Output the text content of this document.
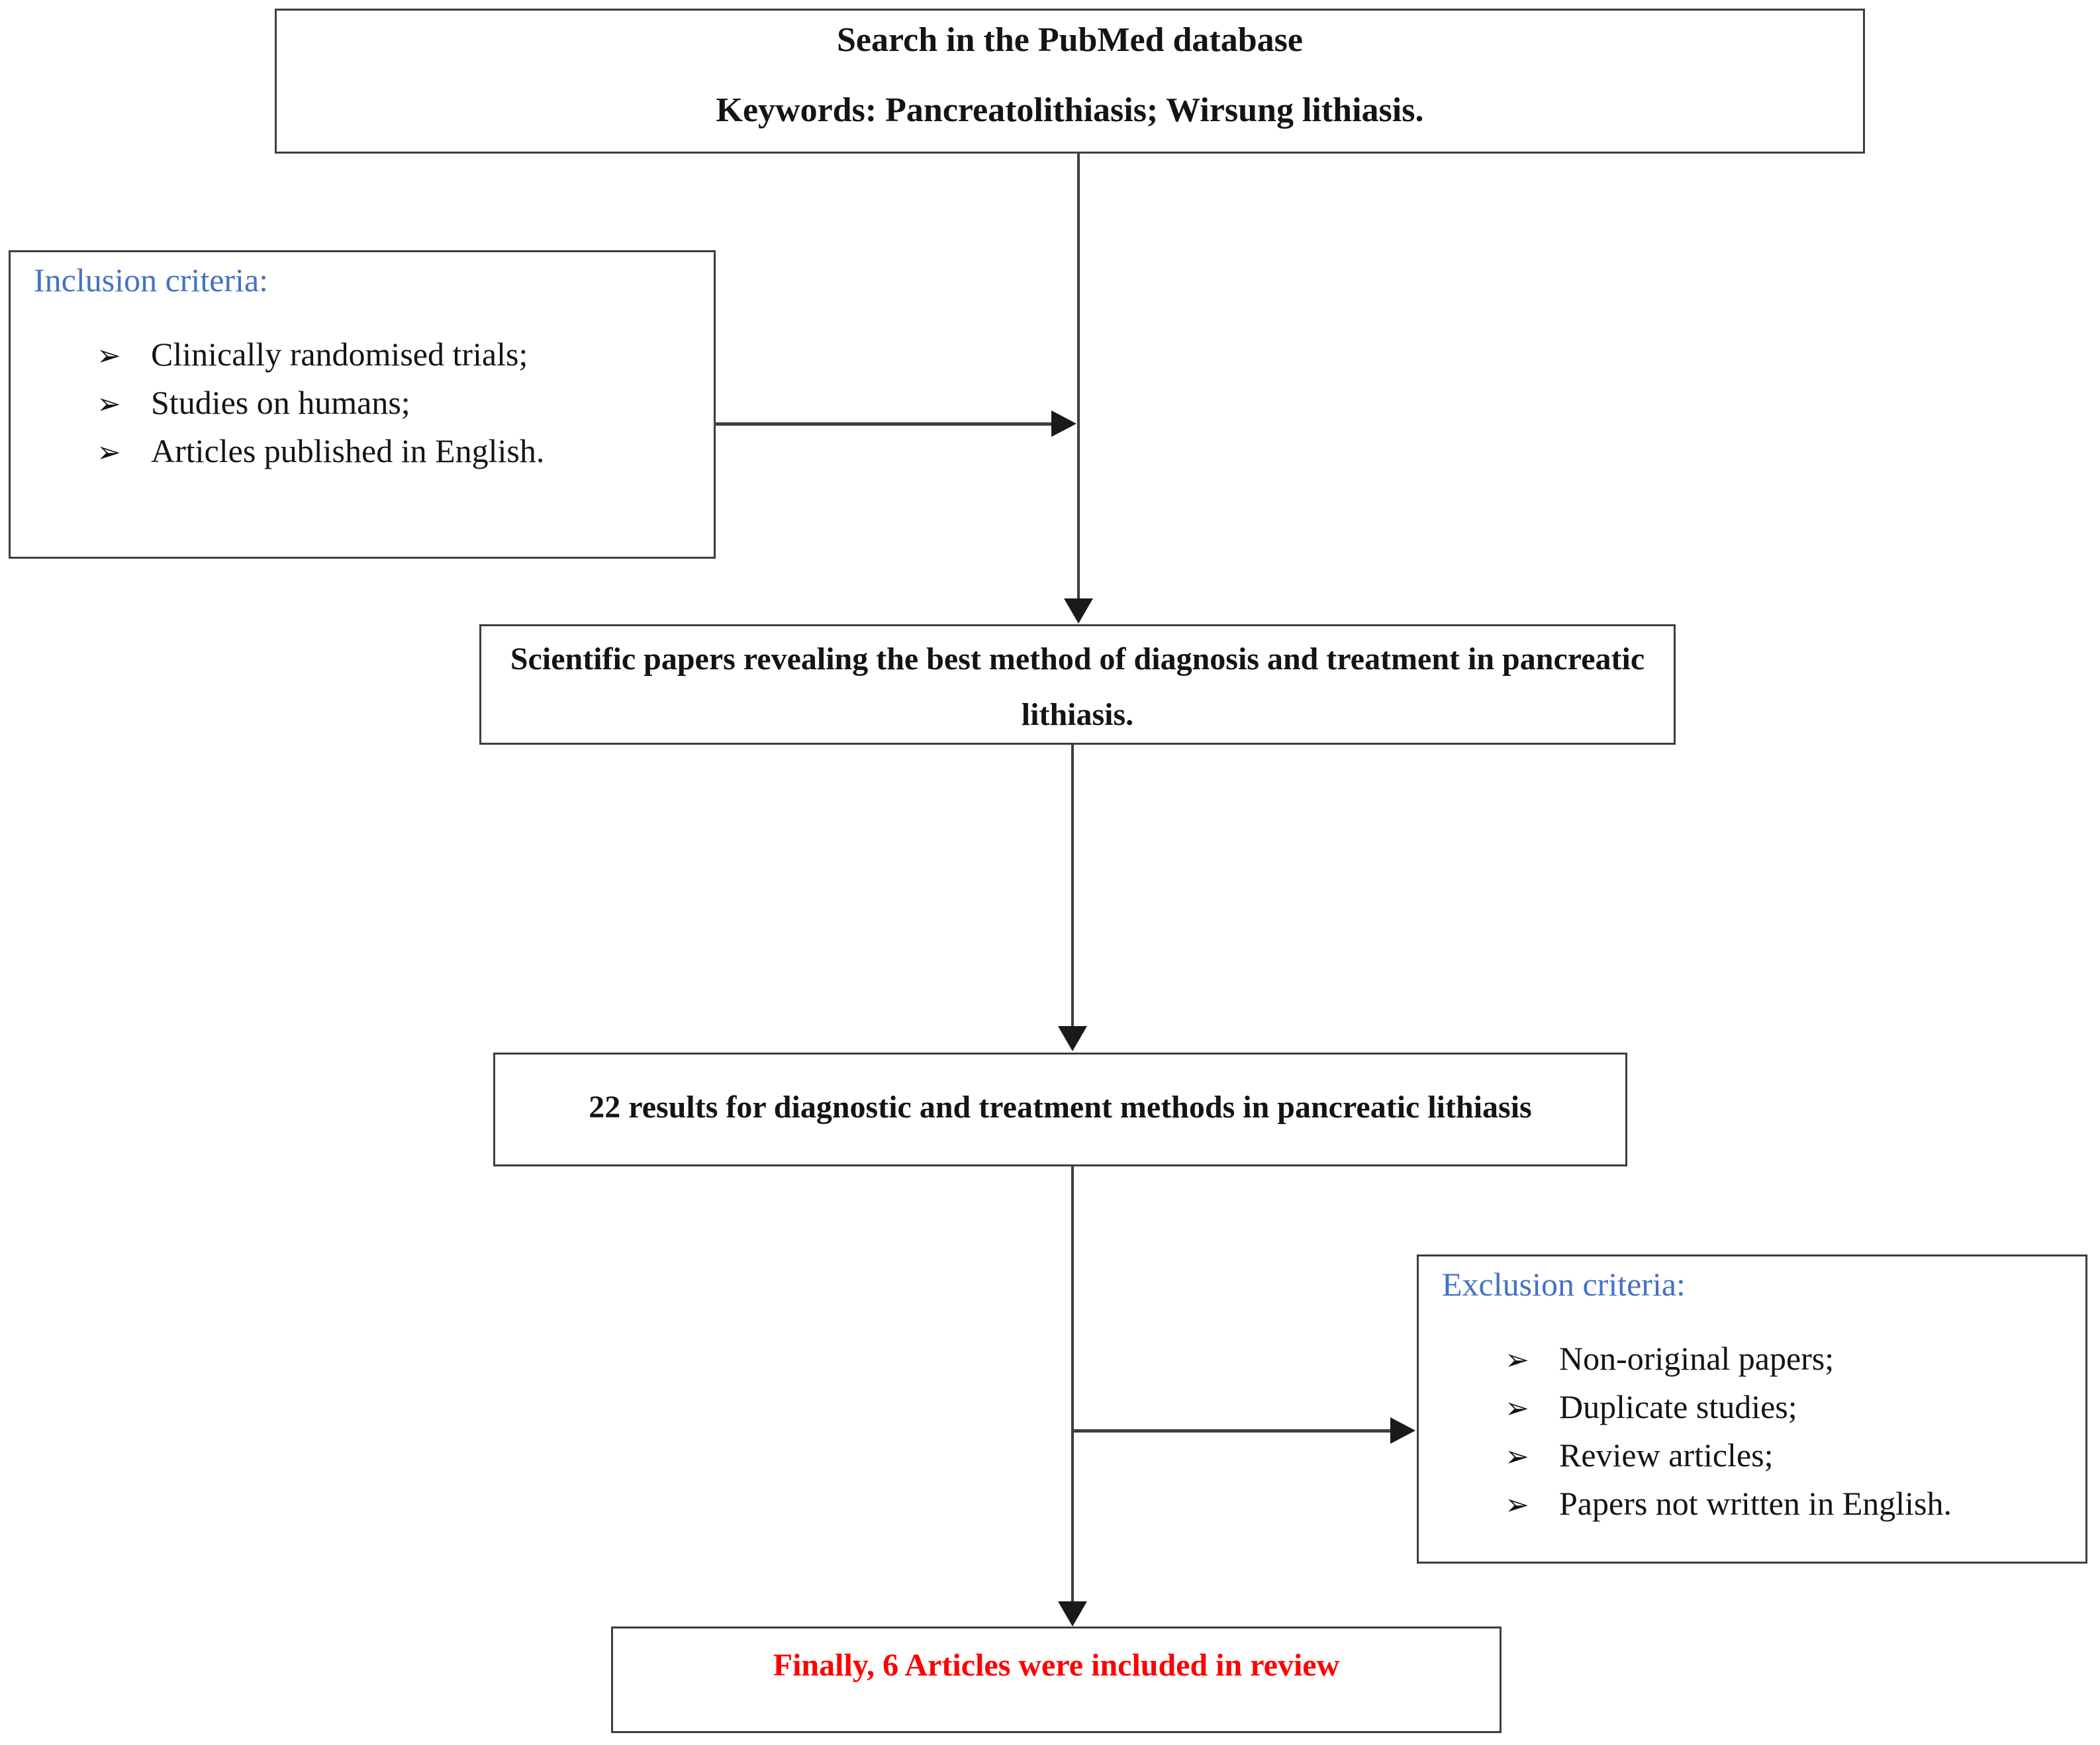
Search in the PubMed database

Keywords: Pancreatolithiasis; Wirsung lithiasis.

Inclusion criteria:

➢ Clinically randomised trials;
➢ Studies on humans;
➢ Articles published in English.

Scientific papers revealing the best method of diagnosis and treatment in pancreatic lithiasis.

22 results for diagnostic and treatment methods in pancreatic lithiasis

Exclusion criteria:

➢ Non-original papers;
➢ Duplicate studies;
➢ Review articles;
➢ Papers not written in English.

Finally, 6 Articles were included in review
